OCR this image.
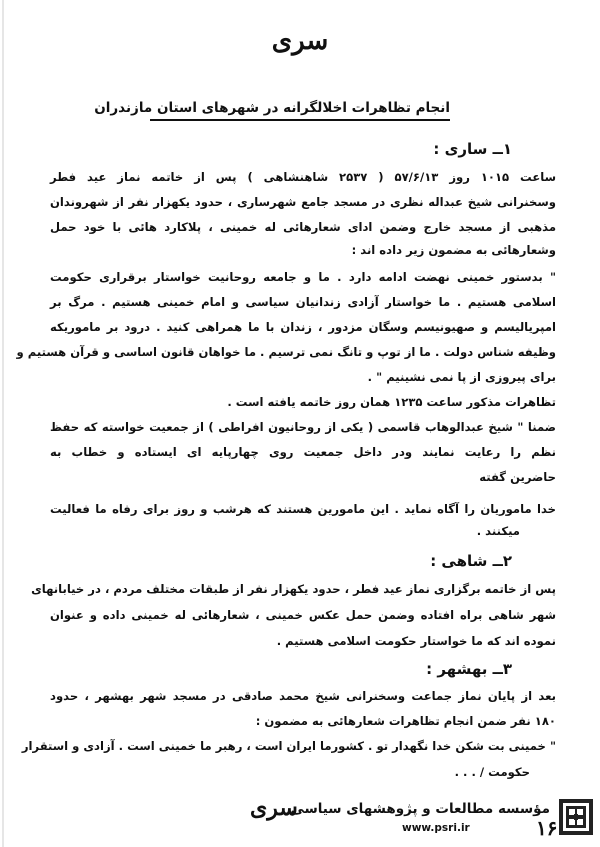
سری
انجام تظاهرات اخلالگرانه در شهرهای استان مازندران
۱ــ ساری :
ساعت ۱۰۱۵ روز ۵۷/۶/۱۳ ( ۲۵۳۷ شاهنشاهی ) پس از خاتمه نماز عید فطر
وسخنرانی شیخ عبداله نظری در مسجد جامع شهرساری ، حدود یکهزار نفر از شهروندان
مذهبی از مسجد خارج وضمن ادای شعارهائی له خمینی ، پلاکارد هائی با خود حمل
وشعارهائی به مضمون زیر داده اند :
" بدستور خمینی نهضت ادامه دارد . ما و جامعه روحانیت خواستار برقراری حکومت
اسلامی هستیم . ما خواستار آزادی زندانیان سیاسی و امام خمینی هستیم . مرگ بر
امپریالیسم و صهیونیسم وسگان مزدور ، زندان با ما همراهی کنید . درود بر ماموریکه
وظیفه شناس دولت . ما از توپ و تانگ نمی ترسیم . ما خواهان قانون اساسی و قرآن هستیم و
برای پیروزی از پا نمی نشینیم " .
تظاهرات مذکور ساعت ۱۲۳۵ همان روز خاتمه یافته است .
ضمنا " شیخ عبدالوهاب قاسمی ( یکی از روحانیون افراطی ) از جمعیت خواسته که حفظ
نظم را رعایت نمایند ودر داخل جمعیت روی چهارپایه ای ایستاده و خطاب به
حاضرین گفته
خدا ماموریان را آگاه نماید . این مامورین هستند که هرشب و روز برای رفاه ما فعالیت
میکنند .
۲ــ شاهی :
پس از خاتمه برگزاری نماز عید فطر ، حدود یکهزار نفر از طبقات مختلف مردم ، در خیابانهای
شهر شاهی براه افتاده وضمن حمل عکس خمینی ، شعارهائی له خمینی داده و عنوان
نموده اند که ما خواستار حکومت اسلامی هستیم .
۳ــ بهشهر :
بعد از پایان نماز جماعت وسخنرانی شیخ محمد صادقی در مسجد شهر بهشهر ، حدود
۱۸۰ نفر ضمن انجام تظاهرات شعارهائی به مضمون :
" خمینی بت شکن خدا نگهدار تو . کشورما ایران است ، رهبر ما خمینی است . آزادی و استقرار
حکومت / . . .
سری
مؤسسه مطالعات و پژوهشهای سیاسی
www.psri.ir	۱۶
